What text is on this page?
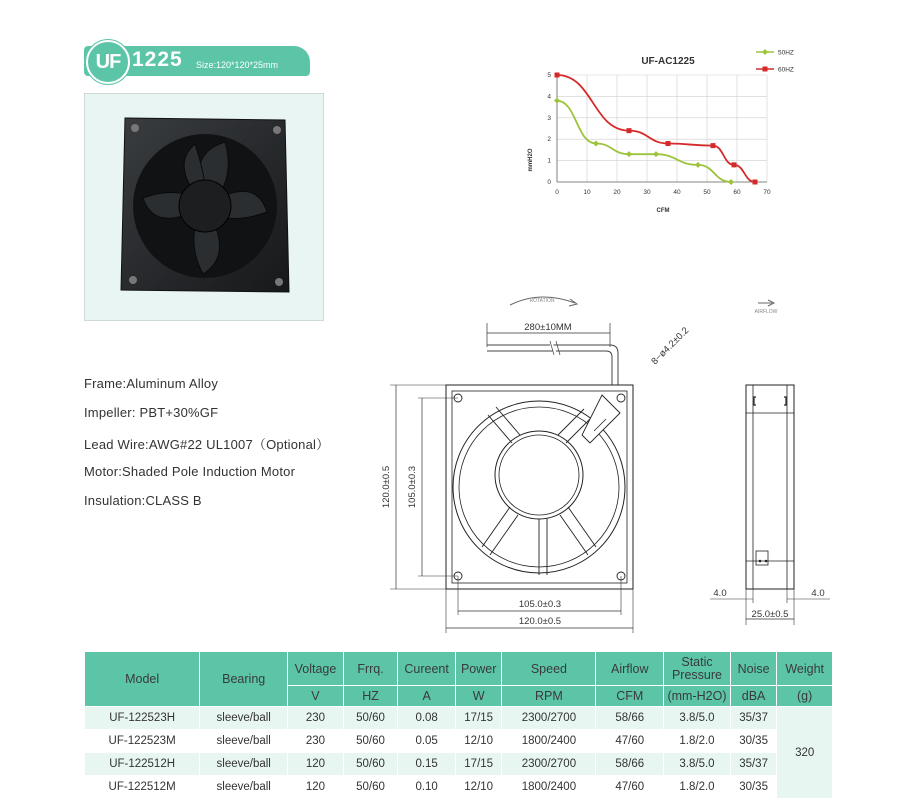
UF 1225 Size:120*120*25mm
Frame:Aluminum Alloy
Impeller: PBT+30%GF
Lead Wire:AWG#22 UL1007（Optional）
Motor:Shaded Pole Induction Motor
Insulation:CLASS B
UF-AC1225
0	10	20	30	40	50	60	70
0
1
2
3
4
5
50HZ
60HZ
mmH2O
CFM
ROTATION
AIRFLOW
280±10MM	8−ø4.2±0.2
120.0±0.5 105.0±0.3
105.0±0.3
120.0±0.5
4.0	4.0
25.0±0.5
Model	Bearing	Voltage	Frrq.	Cureent	Power	Speed	Airflow	Static Pressure	Noise	Weight
		V	HZ	A	W	RPM	CFM	(mm-H2O)	dBA	(g)
UF-122523H	sleeve/ball	230	50/60	0.08	17/15	2300/2700	58/66	3.8/5.0	35/37	320
UF-122523M	sleeve/ball	230	50/60	0.05	12/10	1800/2400	47/60	1.8/2.0	30/35	
UF-122512H	sleeve/ball	120	50/60	0.15	17/15	2300/2700	58/66	3.8/5.0	35/37	
UF-122512M	sleeve/ball	120	50/60	0.10	12/10	1800/2400	47/60	1.8/2.0	30/35	
